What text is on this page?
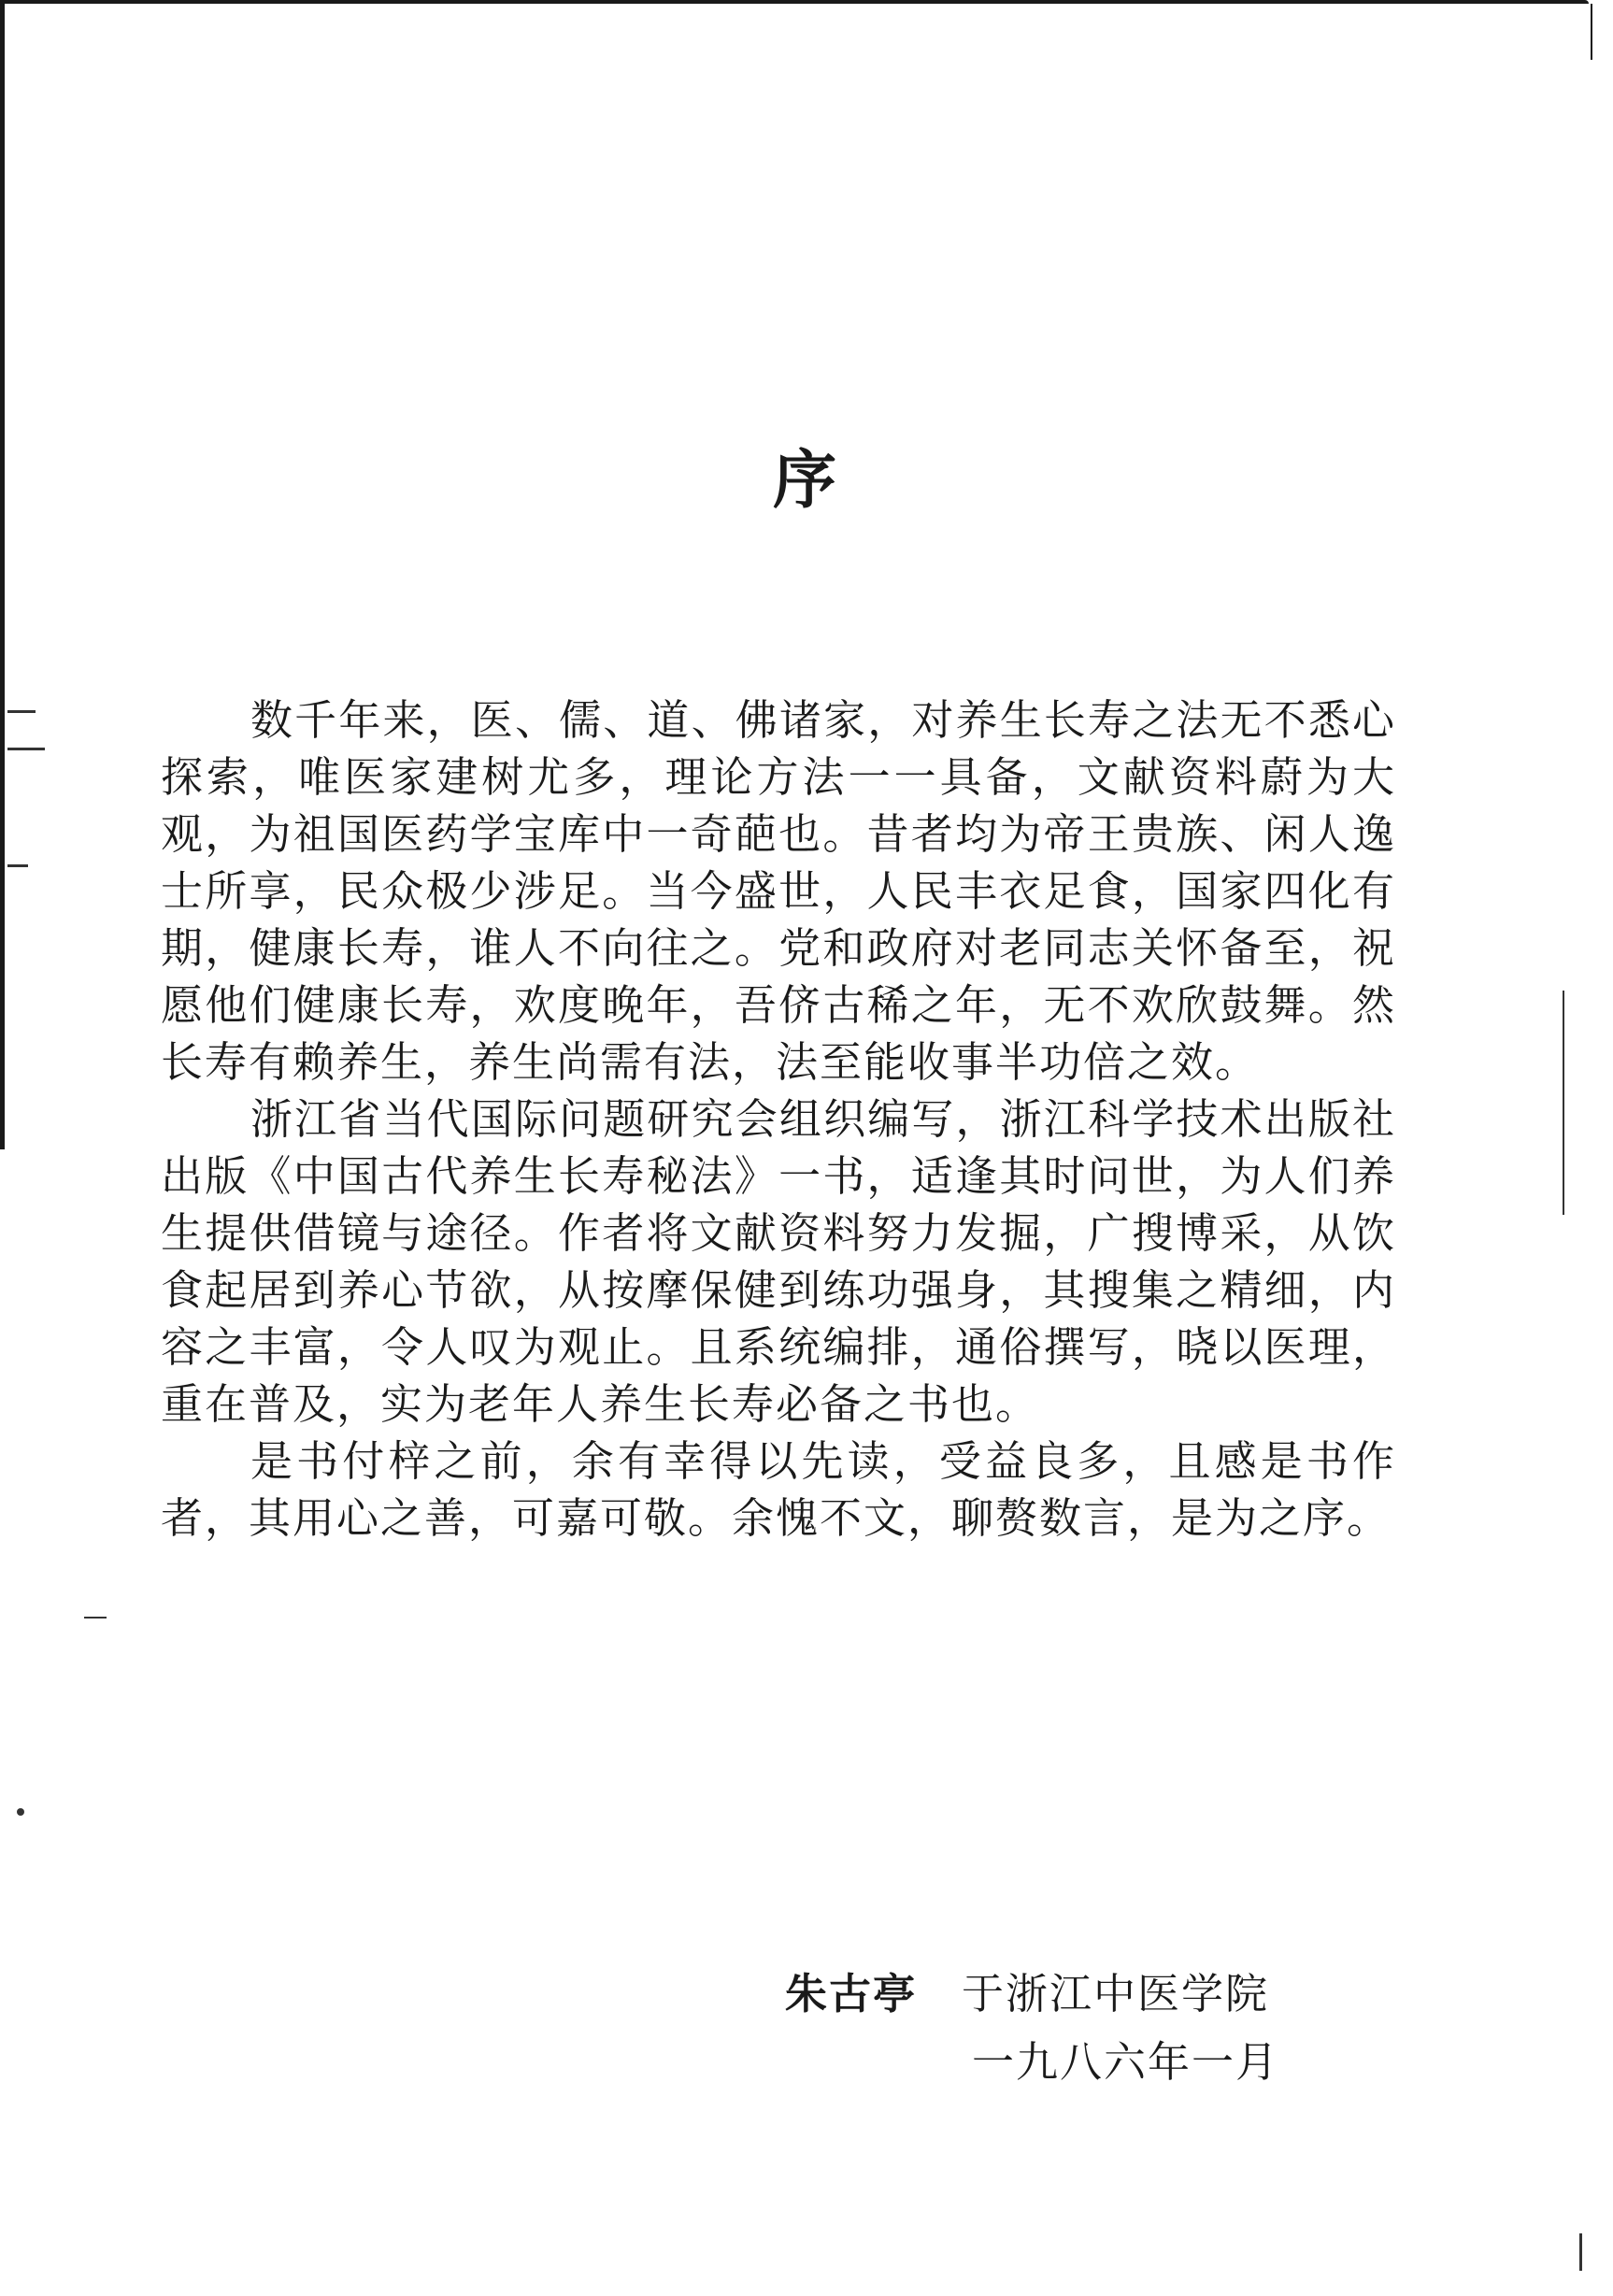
序

数千年来，医、儒、道、佛诸家，对养生长寿之法无不悉心探索，唯医家建树尤多，理论方法一一具备，文献资料蔚为大观，为祖国医药学宝库中一奇葩也。昔者均为帝王贵族、闲人逸士所享，民众极少涉足。当今盛世，人民丰衣足食，国家四化有期，健康长寿，谁人不向往之。党和政府对老同志关怀备至，祝愿他们健康长寿，欢度晚年，吾侪古稀之年，无不欢欣鼓舞。然长寿有赖养生，养生尚需有法，法至能收事半功倍之效。

浙江省当代国际问题研究会组织编写，浙江科学技术出版社出版《中国古代养生长寿秘法》一书，适逢其时问世，为人们养生提供借镜与途径。作者将文献资料努力发掘，广搜博采，从饮食起居到养心节欲，从按摩保健到练功强身，其搜集之精细，内容之丰富，令人叹为观止。且系统编排，通俗撰写，晓以医理，重在普及，实为老年人养生长寿必备之书也。

是书付梓之前，余有幸得以先读，受益良多，且感是书作者，其用心之善，可嘉可敬。余愧不文，聊赘数言，是为之序。

朱古亭 于浙江中医学院
一九八六年一月
